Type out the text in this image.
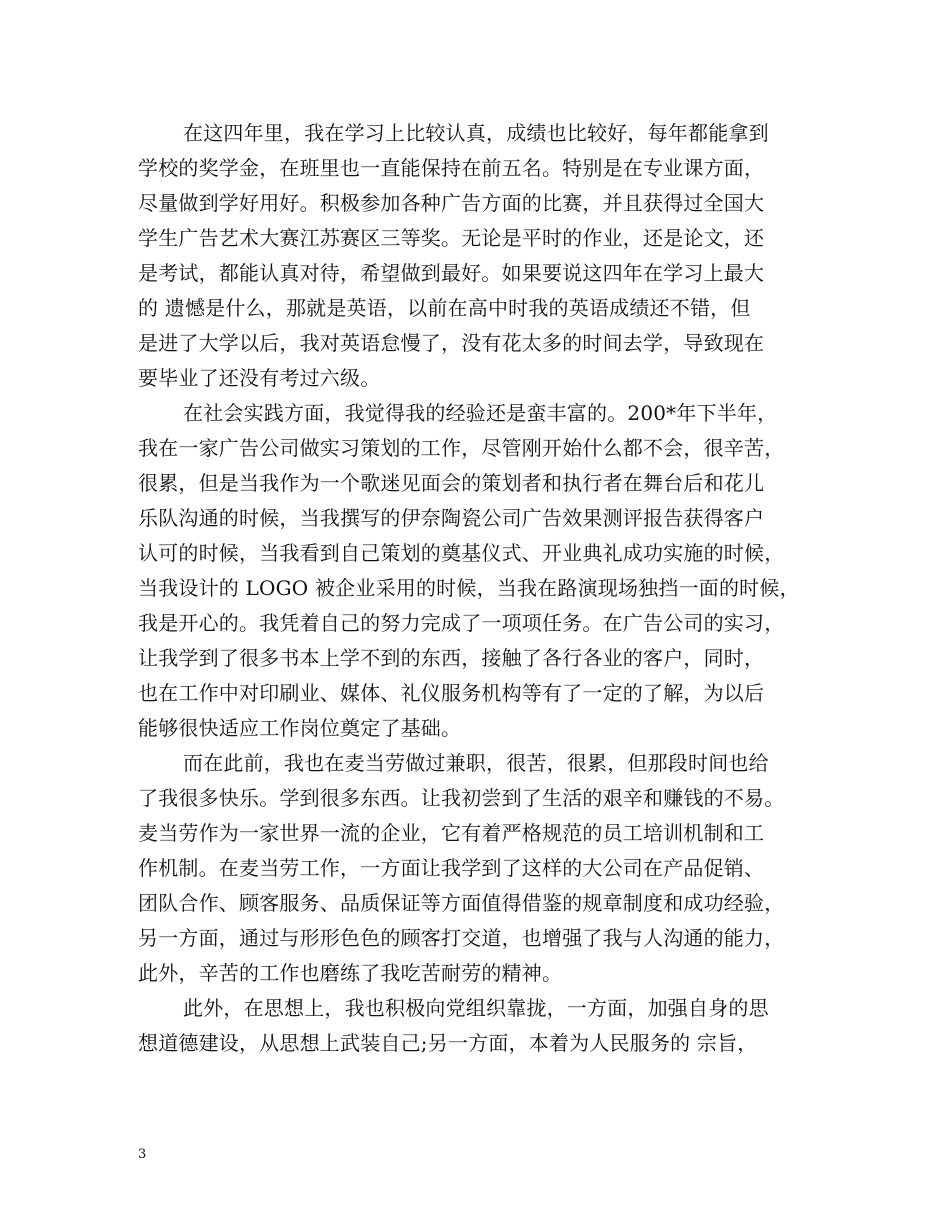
在这四年里，我在学习上比较认真，成绩也比较好，每年都能拿到
学校的奖学金，在班里也一直能保持在前五名。特别是在专业课方面，
尽量做到学好用好。积极参加各种广告方面的比赛，并且获得过全国大
学生广告艺术大赛江苏赛区三等奖。无论是平时的作业，还是论文，还
是考试，都能认真对待，希望做到最好。如果要说这四年在学习上最大
的 遗憾是什么，那就是英语，以前在高中时我的英语成绩还不错，但
是进了大学以后，我对英语怠慢了，没有花太多的时间去学，导致现在
要毕业了还没有考过六级。
在社会实践方面，我觉得我的经验还是蛮丰富的。200*年下半年，
我在一家广告公司做实习策划的工作，尽管刚开始什么都不会，很辛苦，
很累，但是当我作为一个歌迷见面会的策划者和执行者在舞台后和花儿
乐队沟通的时候，当我撰写的伊奈陶瓷公司广告效果测评报告获得客户
认可的时候，当我看到自己策划的奠基仪式、开业典礼成功实施的时候，
当我设计的 LOGO 被企业采用的时候，当我在路演现场独挡一面的时候，
我是开心的。我凭着自己的努力完成了一项项任务。在广告公司的实习，
让我学到了很多书本上学不到的东西，接触了各行各业的客户，同时，
也在工作中对印刷业、媒体、礼仪服务机构等有了一定的了解，为以后
能够很快适应工作岗位奠定了基础。
而在此前，我也在麦当劳做过兼职，很苦，很累，但那段时间也给
了我很多快乐。学到很多东西。让我初尝到了生活的艰辛和赚钱的不易。
麦当劳作为一家世界一流的企业，它有着严格规范的员工培训机制和工
作机制。在麦当劳工作，一方面让我学到了这样的大公司在产品促销、
团队合作、顾客服务、品质保证等方面值得借鉴的规章制度和成功经验，
另一方面，通过与形形色色的顾客打交道，也增强了我与人沟通的能力，
此外，辛苦的工作也磨练了我吃苦耐劳的精神。
此外，在思想上，我也积极向党组织靠拢，一方面，加强自身的思
想道德建设，从思想上武装自己;另一方面，本着为人民服务的 宗旨，
3
